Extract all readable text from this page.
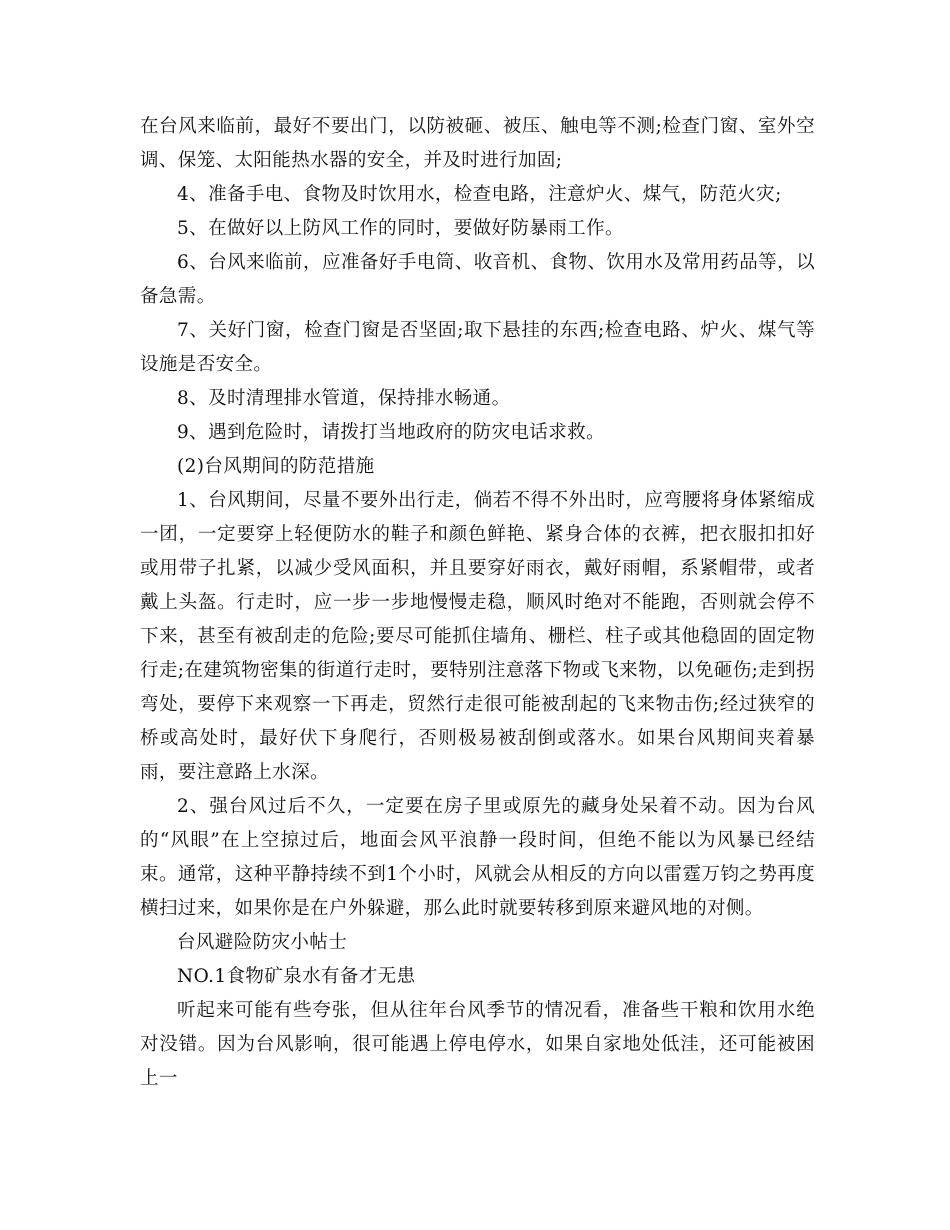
在台风来临前，最好不要出门，以防被砸、被压、触电等不测;检查门窗、室外空调、保笼、太阳能热水器的安全，并及时进行加固;

4、准备手电、食物及时饮用水，检查电路，注意炉火、煤气，防范火灾;

5、在做好以上防风工作的同时，要做好防暴雨工作。

6、台风来临前，应准备好手电筒、收音机、食物、饮用水及常用药品等，以备急需。

7、关好门窗，检查门窗是否坚固;取下悬挂的东西;检查电路、炉火、煤气等设施是否安全。

8、及时清理排水管道，保持排水畅通。

9、遇到危险时，请拨打当地政府的防灾电话求救。

(2)台风期间的防范措施

1、台风期间，尽量不要外出行走，倘若不得不外出时，应弯腰将身体紧缩成一团，一定要穿上轻便防水的鞋子和颜色鲜艳、紧身合体的衣裤，把衣服扣扣好或用带子扎紧，以减少受风面积，并且要穿好雨衣，戴好雨帽，系紧帽带，或者戴上头盔。行走时，应一步一步地慢慢走稳，顺风时绝对不能跑，否则就会停不下来，甚至有被刮走的危险;要尽可能抓住墙角、栅栏、柱子或其他稳固的固定物行走;在建筑物密集的街道行走时，要特别注意落下物或飞来物，以免砸伤;走到拐弯处，要停下来观察一下再走，贸然行走很可能被刮起的飞来物击伤;经过狭窄的桥或高处时，最好伏下身爬行，否则极易被刮倒或落水。如果台风期间夹着暴雨，要注意路上水深。

2、强台风过后不久，一定要在房子里或原先的藏身处呆着不动。因为台风的“风眼”在上空掠过后，地面会风平浪静一段时间，但绝不能以为风暴已经结束。通常，这种平静持续不到1个小时，风就会从相反的方向以雷霆万钧之势再度横扫过来，如果你是在户外躲避，那么此时就要转移到原来避风地的对侧。

台风避险防灾小帖士

NO.1食物矿泉水有备才无患

听起来可能有些夸张，但从往年台风季节的情况看，准备些干粮和饮用水绝对没错。因为台风影响，很可能遇上停电停水，如果自家地处低洼，还可能被困上一
